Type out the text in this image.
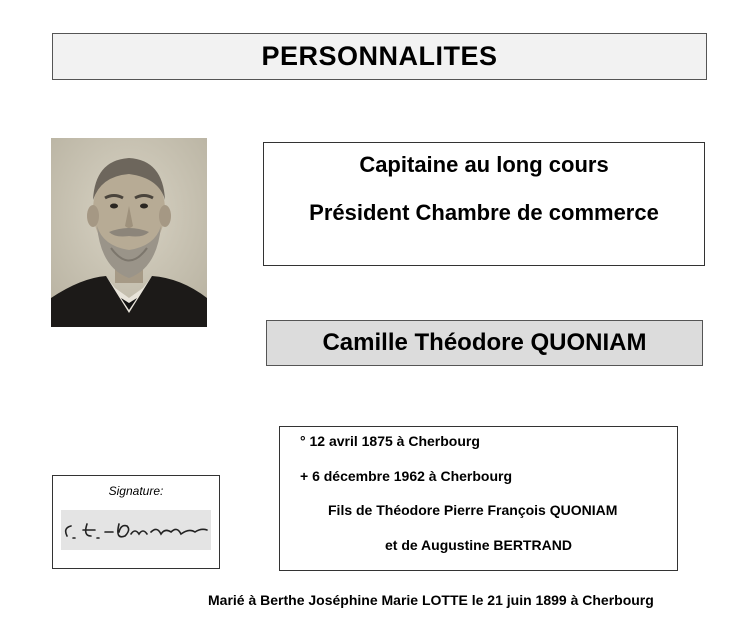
PERSONNALITES
Capitaine au long cours
Président Chambre de commerce
Camille Théodore QUONIAM
Signature:
° 12 avril 1875 à Cherbourg
+ 6 décembre 1962 à Cherbourg
Fils de Théodore Pierre François QUONIAM
et de Augustine BERTRAND
Marié à Berthe Joséphine Marie LOTTE le 21 juin 1899 à Cherbourg
